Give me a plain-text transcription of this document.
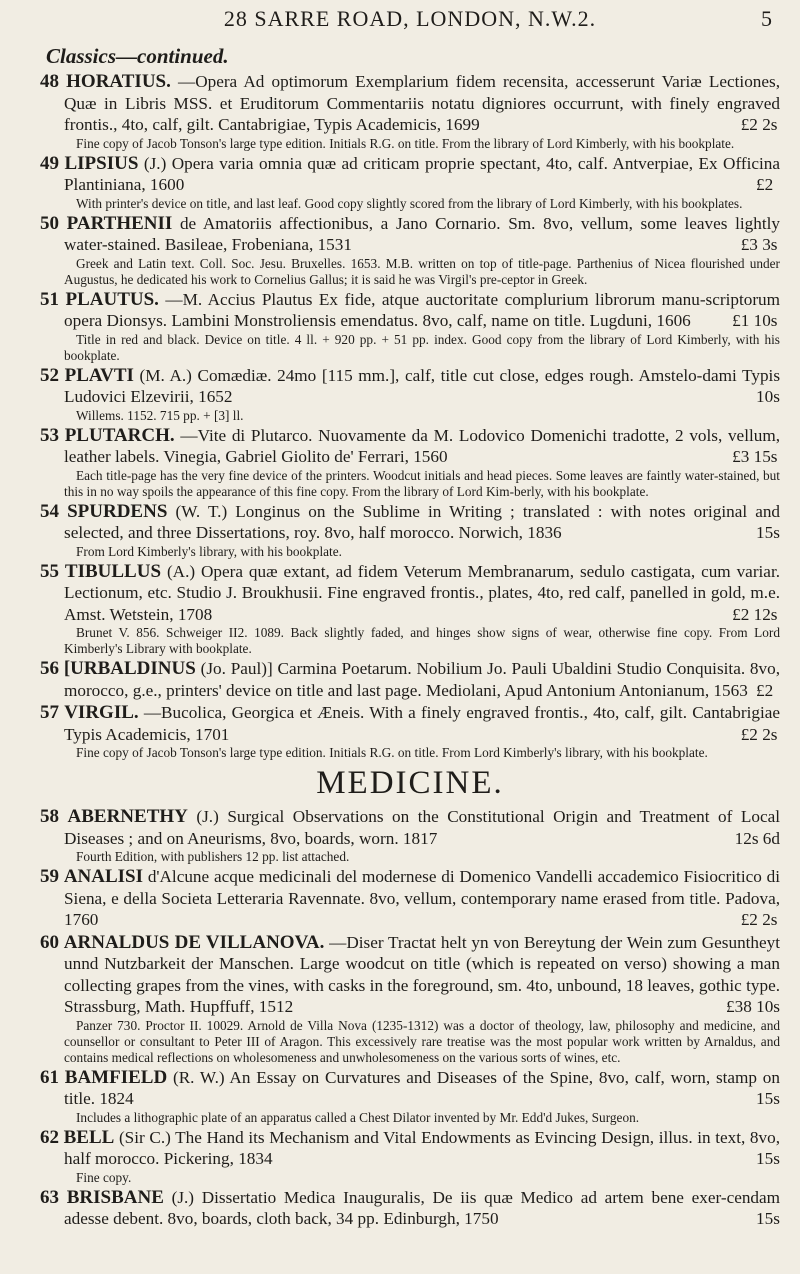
28 SARRE ROAD, LONDON, N.W.2.	5
Classics—continued.
48 HORATIUS. —Opera Ad optimorum Exemplarium fidem recensita, accesserunt Variæ Lectiones, Quæ in Libris MSS. et Eruditorum Commentariis notatu digniores occurrunt, with finely engraved frontis., 4to, calf, gilt. Cantabrigiae, Typis Academicis, 1699	£2 2s
Fine copy of Jacob Tonson's large type edition. Initials R.G. on title. From the library of Lord Kimberly, with his bookplate.
49 LIPSIUS (J.) Opera varia omnia quæ ad criticam proprie spectant, 4to, calf. Antverpiae, Ex Officina Plantiniana, 1600	£2
With printer's device on title, and last leaf. Good copy slightly scored from the library of Lord Kimberly, with his bookplates.
50 PARTHENII de Amatoriis affectionibus, a Jano Cornario. Sm. 8vo, vellum, some leaves lightly water-stained. Basileae, Frobeniana, 1531	£3 3s
Greek and Latin text. Coll. Soc. Jesu. Bruxelles. 1653. M.B. written on top of title-page. Parthenius of Nicea flourished under Augustus, he dedicated his work to Cornelius Gallus; it is said he was Virgil's pre-ceptor in Greek.
51 PLAUTUS. —M. Accius Plautus Ex fide, atque auctoritate complurium librorum manu-scriptorum opera Dionsys. Lambini Monstroliensis emendatus. 8vo, calf, name on title. Lugduni, 1606 £1 10s
Title in red and black. Device on title. 4 ll. + 920 pp. + 51 pp. index. Good copy from the library of Lord Kimberly, with his bookplate.
52 PLAVTI (M. A.) Comædiæ. 24mo [115 mm.], calf, title cut close, edges rough. Amstelo-dami Typis Ludovici Elzevirii, 1652	10s
Willems. 1152. 715 pp. + [3] ll.
53 PLUTARCH. —Vite di Plutarco. Nuovamente da M. Lodovico Domenichi tradotte, 2 vols, vellum, leather labels. Vinegia, Gabriel Giolito de' Ferrari, 1560	£3 15s
Each title-page has the very fine device of the printers. Woodcut initials and head pieces. Some leaves are faintly water-stained, but this in no way spoils the appearance of this fine copy. From the library of Lord Kim-berly, with his bookplate.
54 SPURDENS (W. T.) Longinus on the Sublime in Writing ; translated : with notes original and selected, and three Dissertations, roy. 8vo, half morocco. Norwich, 1836	15s
From Lord Kimberly's library, with his bookplate.
55 TIBULLUS (A.) Opera quæ extant, ad fidem Veterum Membranarum, sedulo castigata, cum variar. Lectionum, etc. Studio J. Broukhusii. Fine engraved frontis., plates, 4to, red calf, panelled in gold, m.e. Amst. Wetstein, 1708	£2 12s
Brunet V. 856. Schweiger II2. 1089. Back slightly faded, and hinges show signs of wear, otherwise fine copy. From Lord Kimberly's Library with bookplate.
56 [URBALDINUS (Jo. Paul)] Carmina Poetarum. Nobilium Jo. Pauli Ubaldini Studio Conquisita. 8vo, morocco, g.e., printers' device on title and last page. Mediolani, Apud Antonium Antonianum, 1563 £2
57 VIRGIL. —Bucolica, Georgica et Æneis. With a finely engraved frontis., 4to, calf, gilt. Cantabrigiae Typis Academicis, 1701	£2 2s
Fine copy of Jacob Tonson's large type edition. Initials R.G. on title. From Lord Kimberly's library, with his bookplate.
MEDICINE.
58 ABERNETHY (J.) Surgical Observations on the Constitutional Origin and Treatment of Local Diseases ; and on Aneurisms, 8vo, boards, worn. 1817	12s 6d
Fourth Edition, with publishers 12 pp. list attached.
59 ANALISI d'Alcune acque medicinali del modernese di Domenico Vandelli accademico Fisiocritico di Siena, e della Societa Letteraria Ravennate. 8vo, vellum, contemporary name erased from title. Padova, 1760	£2 2s
60 ARNALDUS DE VILLANOVA. —Diser Tractat helt yn von Bereytung der Wein zum Gesuntheyt unnd Nutzbarkeit der Manschen. Large woodcut on title (which is repeated on verso) showing a man collecting grapes from the vines, with casks in the foreground, sm. 4to, unbound, 18 leaves, gothic type. Strassburg, Math. Hupffuff, 1512	£38 10s
Panzer 730. Proctor II. 10029. Arnold de Villa Nova (1235-1312) was a doctor of theology, law, philosophy and medicine, and counsellor or consultant to Peter III of Aragon. This excessively rare treatise was the most popular work written by Arnaldus, and contains medical reflections on wholesomeness and unwholesomeness on the various sorts of wines, etc.
61 BAMFIELD (R. W.) An Essay on Curvatures and Diseases of the Spine, 8vo, calf, worn, stamp on title. 1824	15s
Includes a lithographic plate of an apparatus called a Chest Dilator invented by Mr. Edd'd Jukes, Surgeon.
62 BELL (Sir C.) The Hand its Mechanism and Vital Endowments as Evincing Design, illus. in text, 8vo, half morocco. Pickering, 1834	15s
Fine copy.
63 BRISBANE (J.) Dissertatio Medica Inauguralis, De iis quæ Medico ad artem bene exer-cendam adesse debent. 8vo, boards, cloth back, 34 pp. Edinburgh, 1750	15s
